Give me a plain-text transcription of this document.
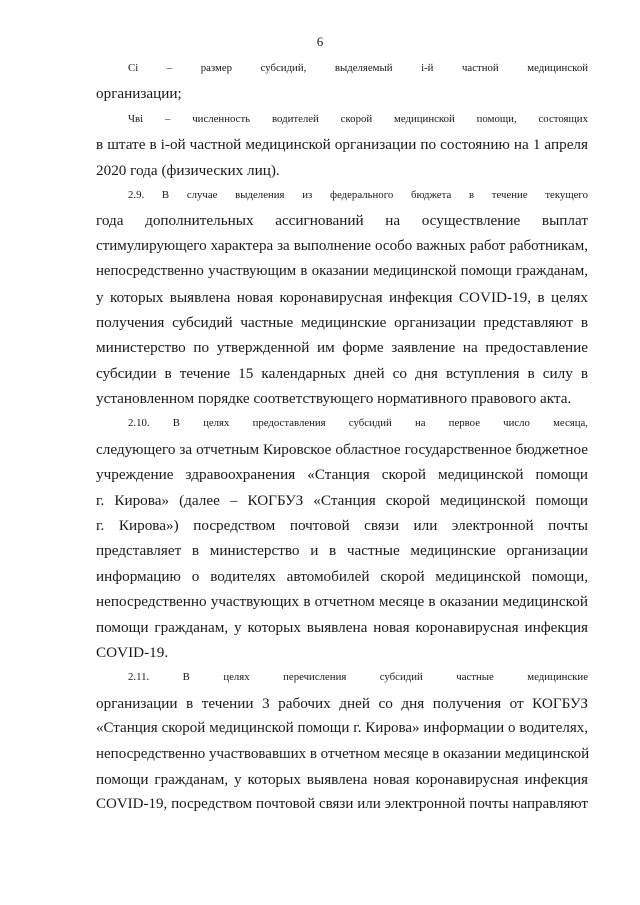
6
Ci – размер субсидий, выделяемый i-й частной медицинской
организации;
Чвi – численность водителей скорой медицинской помощи, состоящих
в штате в i-ой частной медицинской организации по состоянию на 1 апреля
2020 года (физических лиц).
2.9. В случае выделения из федерального бюджета в течение текущего
года дополнительных ассигнований на осуществление выплат
стимулирующего характера за выполнение особо важных работ работникам,
непосредственно участвующим в оказании медицинской помощи гражданам,
у которых выявлена новая коронавирусная инфекция COVID-19, в целях
получения субсидий частные медицинские организации представляют в
министерство по утвержденной им форме заявление на предоставление
субсидии в течение 15 календарных дней со дня вступления в силу в
установленном порядке соответствующего нормативного правового акта.
2.10. В целях предоставления субсидий на первое число месяца,
следующего за отчетным Кировское областное государственное бюджетное
учреждение здравоохранения «Станция скорой медицинской помощи
г. Кирова» (далее – КОГБУЗ «Станция скорой медицинской помощи
г. Кирова») посредством почтовой связи или электронной почты
представляет в министерство и в частные медицинские организации
информацию о водителях автомобилей скорой медицинской помощи,
непосредственно участвующих в отчетном месяце в оказании медицинской
помощи гражданам, у которых выявлена новая коронавирусная инфекция
COVID-19.
2.11. В целях перечисления субсидий частные медицинские
организации в течении 3 рабочих дней со дня получения от КОГБУЗ
«Станция скорой медицинской помощи г. Кирова» информации о водителях,
непосредственно участвовавших в отчетном месяце в оказании медицинской
помощи гражданам, у которых выявлена новая коронавирусная инфекция
COVID-19, посредством почтовой связи или электронной почты направляют
